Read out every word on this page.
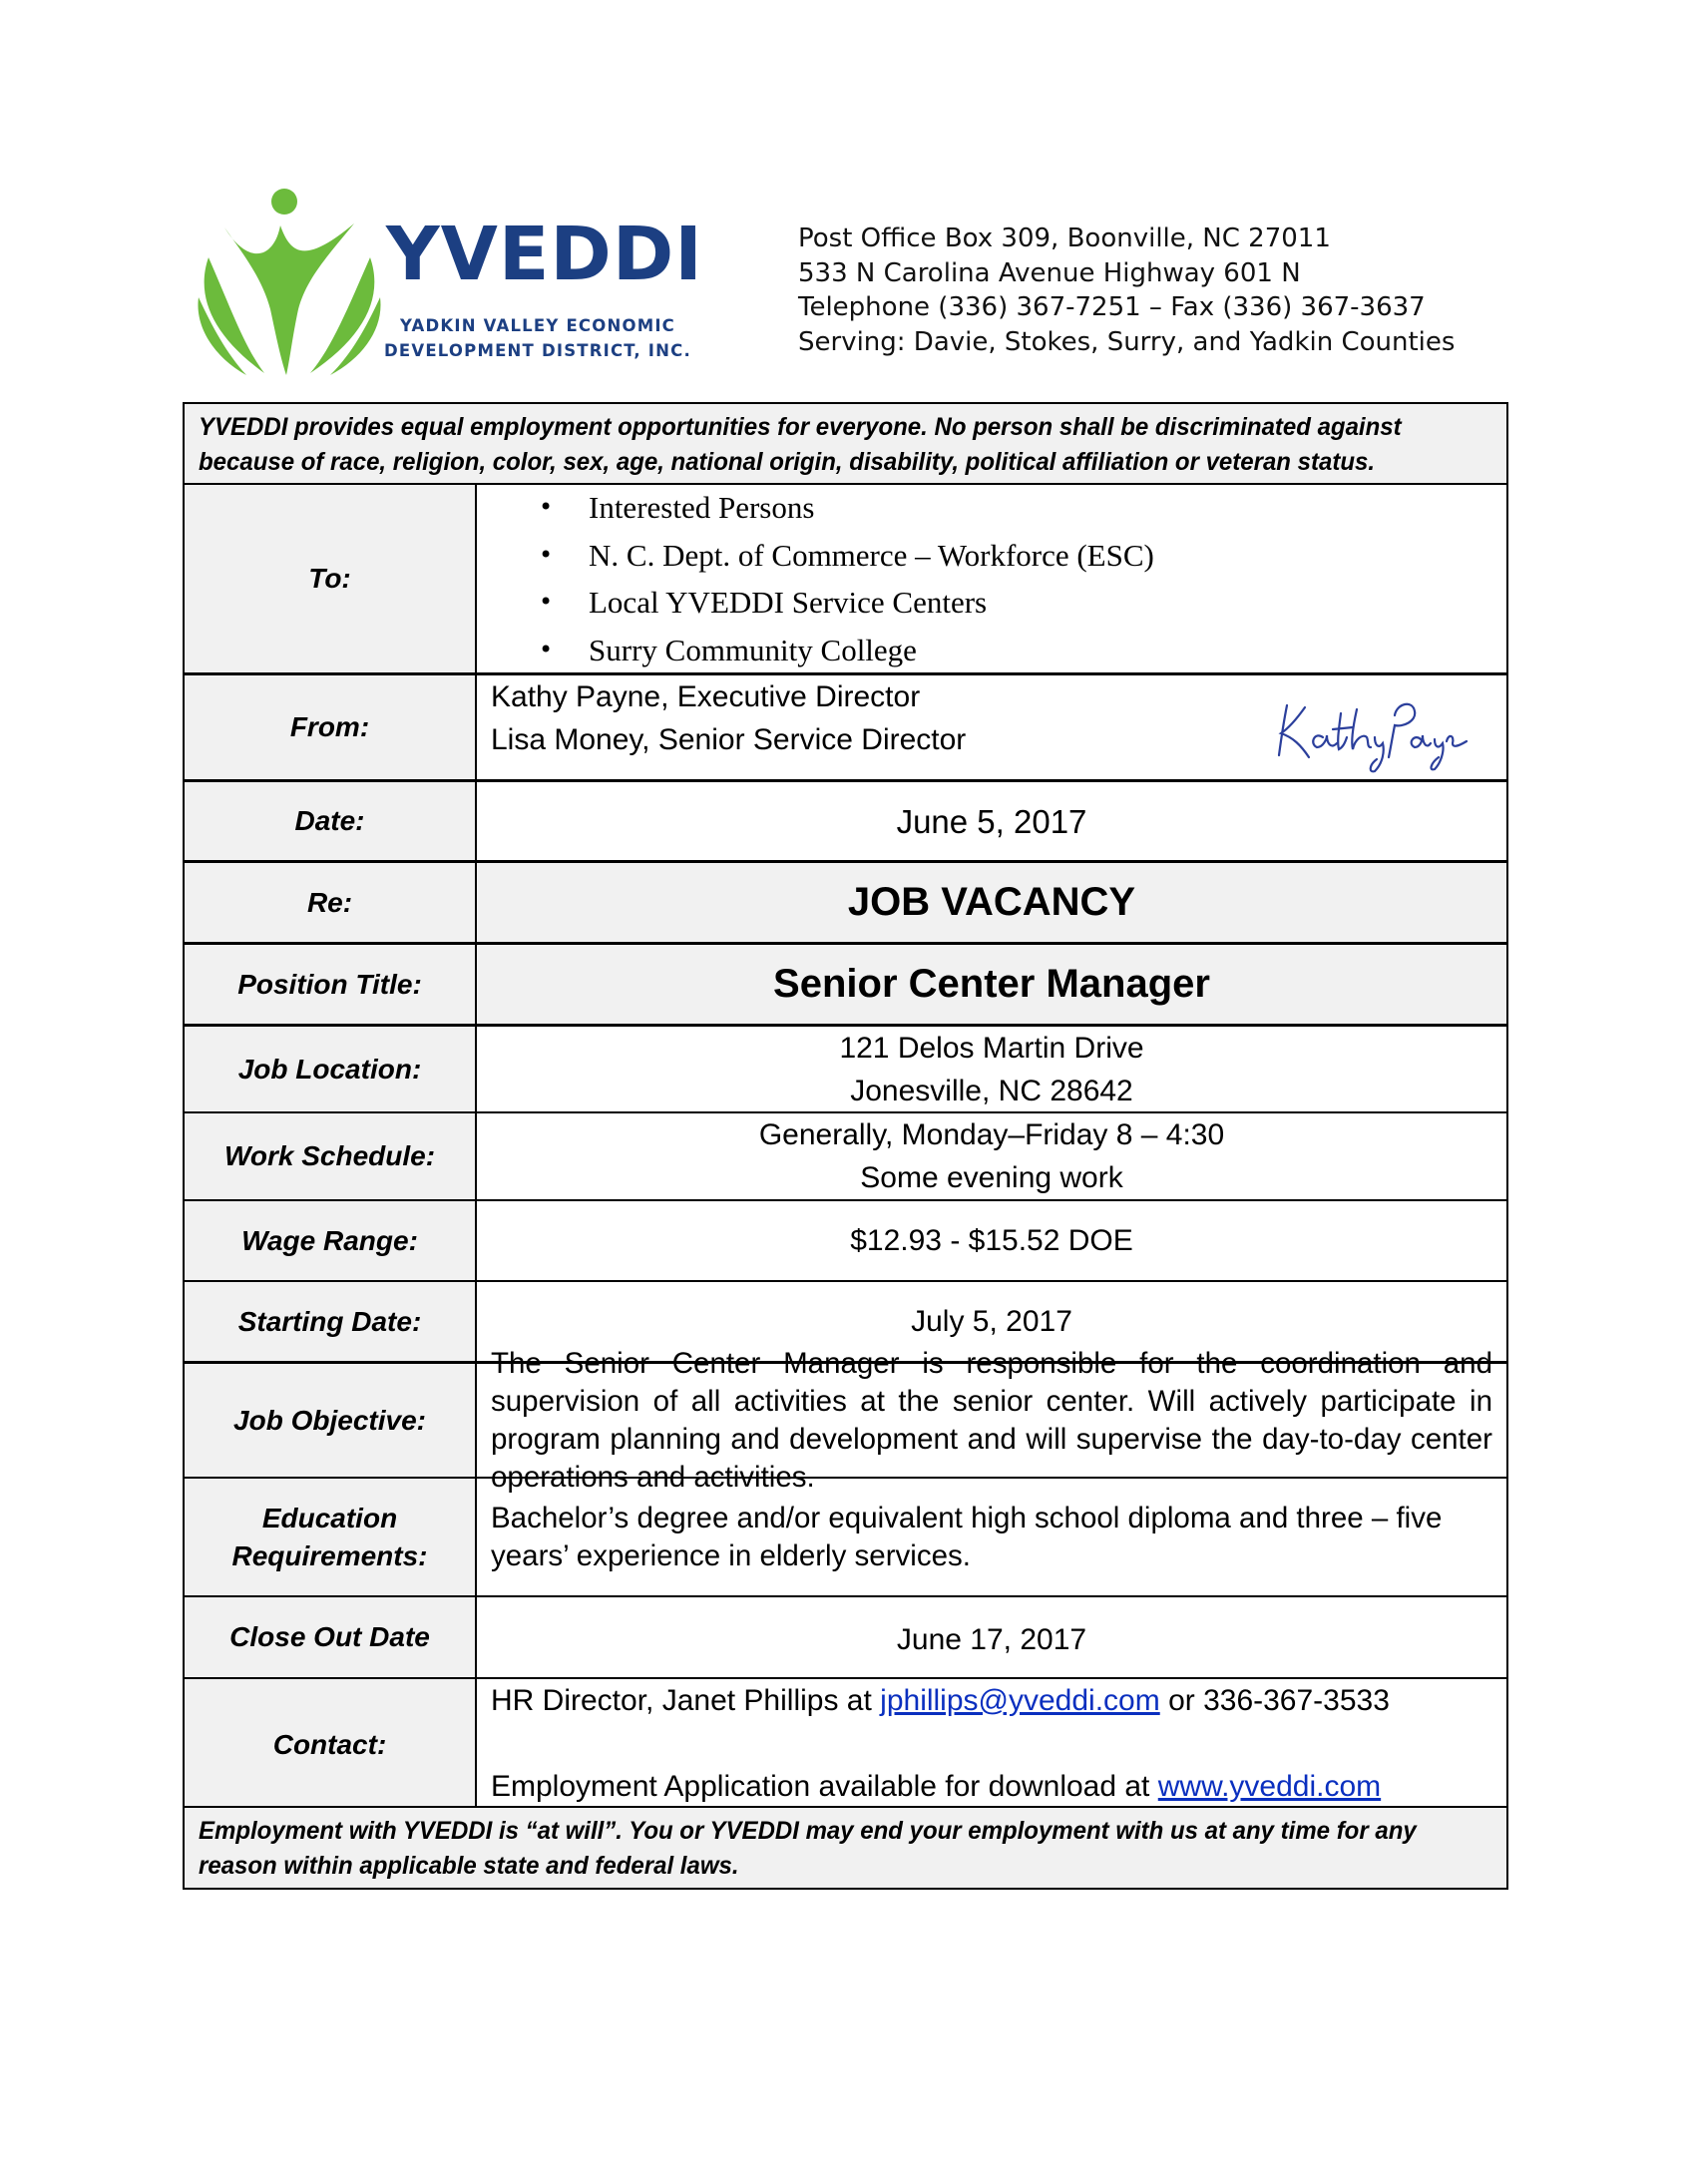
YVEDDI
YADKIN VALLEY ECONOMIC
DEVELOPMENT DISTRICT, INC.
Post Office Box 309, Boonville, NC 27011
533 N Carolina Avenue Highway 601 N
Telephone (336) 367-7251 – Fax (336) 367-3637
Serving: Davie, Stokes, Surry, and Yadkin Counties
YVEDDI provides equal employment opportunities for everyone. No person shall be discriminated against
because of race, religion, color, sex, age, national origin, disability, political affiliation or veteran status.
To:
• Interested Persons
• N. C. Dept. of Commerce – Workforce (ESC)
• Local YVEDDI Service Centers
• Surry Community College
From:
Kathy Payne, Executive Director
Lisa Money, Senior Service Director
Date:	June 5, 2017
Re:	JOB VACANCY
Position Title:	Senior Center Manager
Job Location:
121 Delos Martin Drive
Jonesville, NC 28642
Work Schedule:
Generally, Monday–Friday 8 – 4:30
Some evening work
Wage Range:	$12.93 - $15.52 DOE
Starting Date:	July 5, 2017
Job Objective:
The Senior Center Manager is responsible for the coordination and supervision of all activities at the senior center. Will actively participate in program planning and development and will supervise the day-to-day center operations and activities.
Education
Requirements:
Bachelor’s degree and/or equivalent high school diploma and three – five years’ experience in elderly services.
Close Out Date	June 17, 2017
Contact:
HR Director, Janet Phillips at jphillips@yveddi.com or 336-367-3533
Employment Application available for download at www.yveddi.com
Employment with YVEDDI is “at will”. You or YVEDDI may end your employment with us at any time for any
reason within applicable state and federal laws.
